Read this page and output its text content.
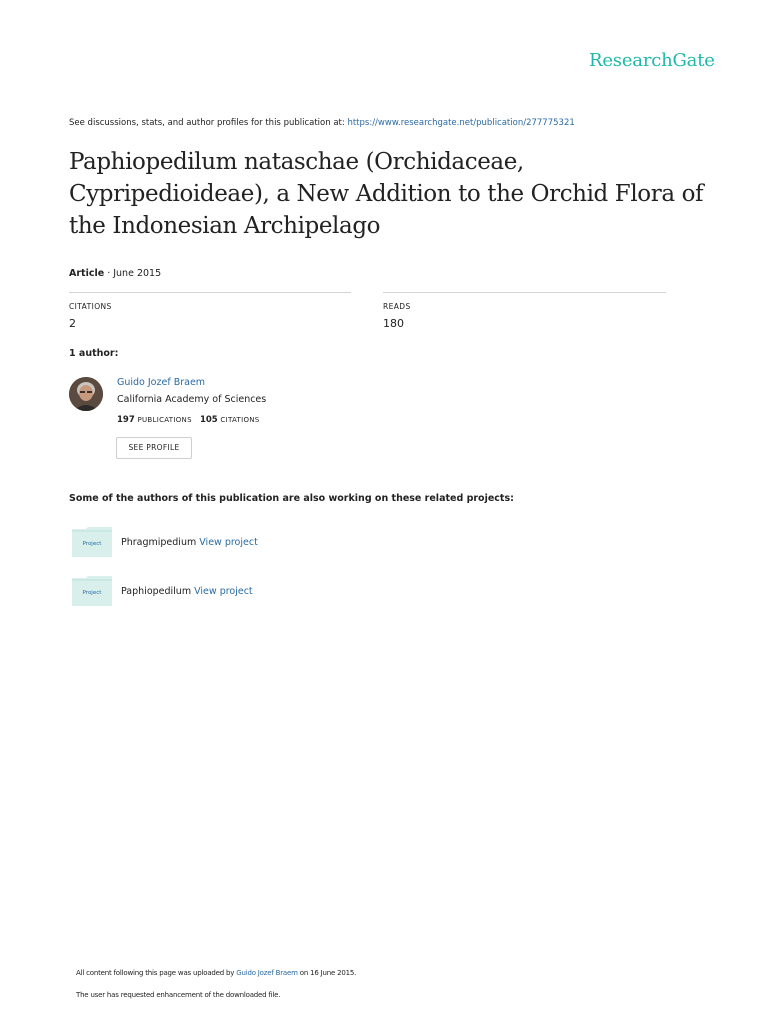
ResearchGate
See discussions, stats, and author profiles for this publication at: https://www.researchgate.net/publication/277775321
Paphiopedilum nataschae (Orchidaceae, Cypripedioideae), a New Addition to the Orchid Flora of the Indonesian Archipelago
Article · June 2015
CITATIONS
2
READS
180
1 author:
Guido Jozef Braem
California Academy of Sciences
197 PUBLICATIONS 105 CITATIONS
SEE PROFILE
Some of the authors of this publication are also working on these related projects:
Project	Phragmipedium View project
Project	Paphiopedilum View project
All content following this page was uploaded by Guido Jozef Braem on 16 June 2015.
The user has requested enhancement of the downloaded file.
